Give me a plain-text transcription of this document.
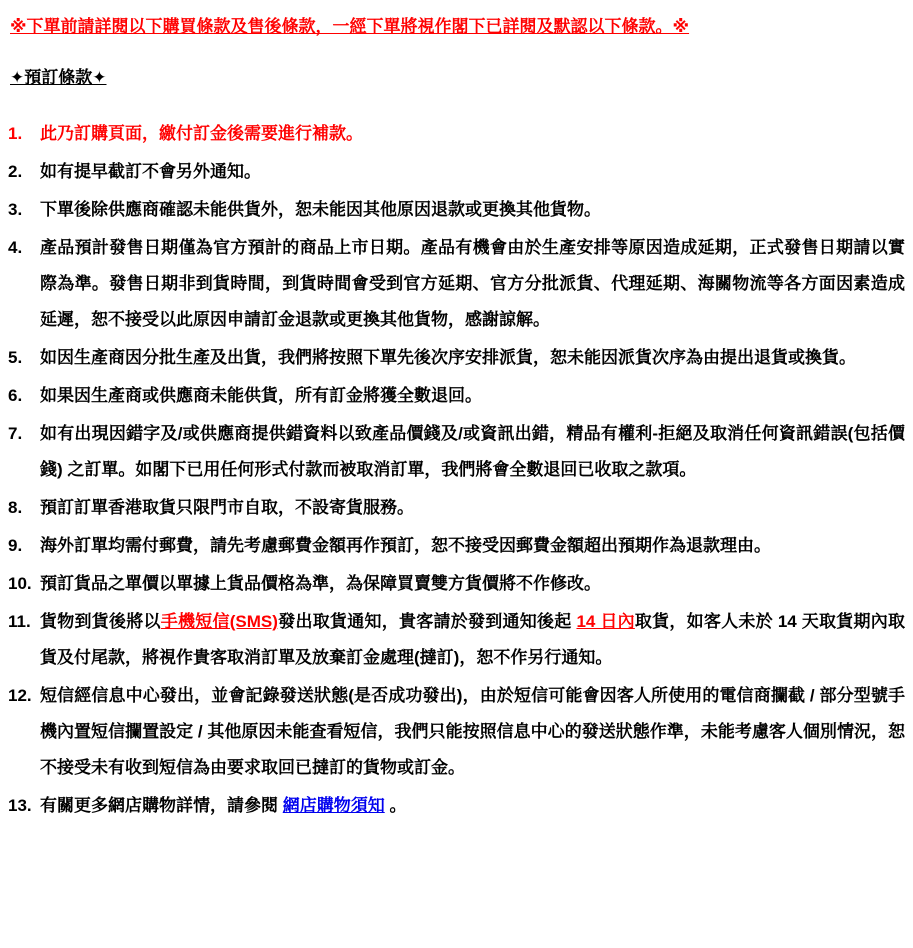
※下單前請詳閱以下購買條款及售後條款，一經下單將視作閣下已詳閱及默認以下條款。※
✦預訂條款✦
1.	此乃訂購頁面，繳付訂金後需要進行補款。
2.	如有提早截訂不會另外通知。
3.	下單後除供應商確認未能供貨外，恕未能因其他原因退款或更換其他貨物。
4.	產品預計發售日期僅為官方預計的商品上市日期。產品有機會由於生產安排等原因造成延期，正式發售日期請以實際為準。發售日期非到貨時間，到貨時間會受到官方延期、官方分批派貨、代理延期、海關物流等各方面因素造成延遲，恕不接受以此原因申請訂金退款或更換其他貨物，感謝諒解。
5.	如因生產商因分批生產及出貨，我們將按照下單先後次序安排派貨，恕未能因派貨次序為由提出退貨或換貨。
6.	如果因生產商或供應商未能供貨，所有訂金將獲全數退回。
7.	如有出現因錯字及/或供應商提供錯資料以致產品價錢及/或資訊出錯，精品有權利-拒絕及取消任何資訊錯誤(包括價錢) 之訂單。如閣下已用任何形式付款而被取消訂單，我們將會全數退回已收取之款項。
8.	預訂訂單香港取貨只限門市自取，不設寄貨服務。
9.	海外訂單均需付郵費，請先考慮郵費金額再作預訂，恕不接受因郵費金額超出預期作為退款理由。
10. 預訂貨品之單價以單據上貨品價格為準，為保障買賣雙方貨價將不作修改。
11. 貨物到貨後將以手機短信(SMS)發出取貨通知，貴客請於發到通知後起 14 日內取貨，如客人未於 14 天取貨期內取貨及付尾款，將視作貴客取消訂單及放棄訂金處理(撻訂)，恕不作另行通知。
12. 短信經信息中心發出，並會記錄發送狀態(是否成功發出)，由於短信可能會因客人所使用的電信商攔截 / 部分型號手機內置短信攔置設定 / 其他原因未能查看短信，我們只能按照信息中心的發送狀態作準，未能考慮客人個別情況，恕不接受未有收到短信為由要求取回已撻訂的貨物或訂金。
13. 有關更多網店購物詳情，請參閱 網店購物須知 。
